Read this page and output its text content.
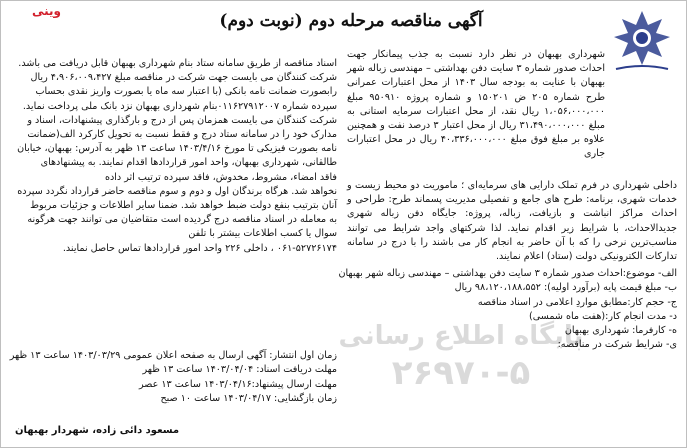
وینی	آگهی مناقصه مرحله دوم (نوبت دوم)

شهرداری بهبهان در نظر دارد نسبت به جذب پیمانکار جهت احداث صدور شماره ۳ سایت دفن بهداشتی – مهندسی زباله شهر بهبهان با عنایت به بودجه سال ۱۴۰۳ از محل اعتبارات عمرانی طرح شماره ۲۰۵ ض ۱۵۰۲۰۱ و شماره پروژه ۹۵۰۹۱۰ مبلغ ۱،۰۵۶،۰۰۰،۰۰۰ ریال نقد، از محل اعتبارات سرمایه استانی به مبلغ ۳۱،۴۹۰،۰۰۰،۰۰۰ ریال از محل اعتبار ۳ درصد نفت و همچنین علاوه بر مبلغ فوق مبلغ ۴۰،۳۳۶،۰۰۰،۰۰۰ ریال در محل اعتبارات جاری

داخلی شهرداری در فرم تملک دارایی های سرمایه‌ای ؛ ماموریت دو محیط زیست و خدمات شهری، برنامه: طرح های جامع و تفصیلی مدیریت پسماند طرح: طراحی و احداث مراکز انباشت و بازیافت، زباله، پروژه: جایگاه دفن زباله شهری جدیدالاحداث، با شرایط زیر اقدام نماید. لذا شرکتهای واجد شرایط می توانند مناسب‌ترین نرخی را که با آن حاضر به انجام کار می باشند را با درج در سامانه تدارکات الکترونیکی دولت (ستاد) اعلام نمایند.

الف- موضوع:احداث صدور شماره ۳ سایت دفن بهداشتی – مهندسی زباله شهر بهبهان
ب- مبلغ قیمت پایه (برآورد اولیه): ۹۸،۱۲۰،۱۸۸،۵۵۲ ریال
ج- حجم کار:مطابق مواردِ اعلامی در اسناد مناقصه
د- مدت انجام کار:(هفت ماه شمسی)
ه- کارفرما: شهرداری بهبهان
ی- شرایط شرکت در مناقصه:
اسناد مناقصه از طریق سامانه ستاد بنام شهرداری بهبهان قابل دریافت می باشد.
شرکت کنندگان می بایست جهت شرکت در مناقصه مبلغ ۴،۹۰۶،۰۰۹،۴۲۷ ریال
رابصورت ضمانت نامه بانکی (با اعتبار سه ماه یا بصورت واریز نقدی بحساب
سپرده شماره ۰۱۱۶۲۷۹۱۲۰۰۷بنام شهرداری بهبهان نزد بانک ملی پرداخت نماید.
شرکت کنندگان می بایست همزمان پس از درج و بارگذاری پیشنهادات، اسناد و
مدارک خود را در سامانه ستاد درج و فقط نسبت به تحویل کارکرد الف(ضمانت
نامه بصورت فیزیکی تا مورخ ۱۴۰۳/۴/۱۶ ساعت ۱۳ ظهر به آدرس: بهبهان، خیابان
طالقانی، شهرداری بهبهان، واحد امور قراردادها اقدام نمایند. به پیشنهادهای
فاقد امضاء، مشروط، مخدوش، فاقد سپرده ترتیب اثر داده
نخواهد شد. هرگاه برندگان اول و دوم و سوم مناقصه حاضر قرارداد نگردد سپرده
آنان بترتیب بنفع دولت ضبط خواهد شد. ضمنا سایر اطلاعات و جزئیات مربوط
به معامله در اسناد مناقصه درج گردیده است متقاضیان می توانند جهت هرگونه
سوال یا کسب اطلاعات بیشتر با تلفن
۰۶۱-۵۲۷۲۶۱۷۴ ، داخلی ۲۲۶ واحد امور قراردادها تماس حاصل نمایند.
زمان اول انتشار: آگهی ارسال به صفحه اعلان عمومی ۱۴۰۳/۰۳/۲۹ ساعت ۱۳ ظهر
مهلت دریافت اسناد: ۱۴۰۳/۰۴/۰۴ ساعت ۱۳ ظهر
مهلت ارسال پیشنهاد:۱۴۰۳/۰۴/۱۶ ساعت ۱۳ عصر
زمان بازگشایی: ۱۴۰۳/۰۴/۱۷ ساعت ۱۰ صبح
مسعود دائی زاده، شهردار بهبهان
پایگاه اطلاع رسانی
۲۶۹۷۰-۵
